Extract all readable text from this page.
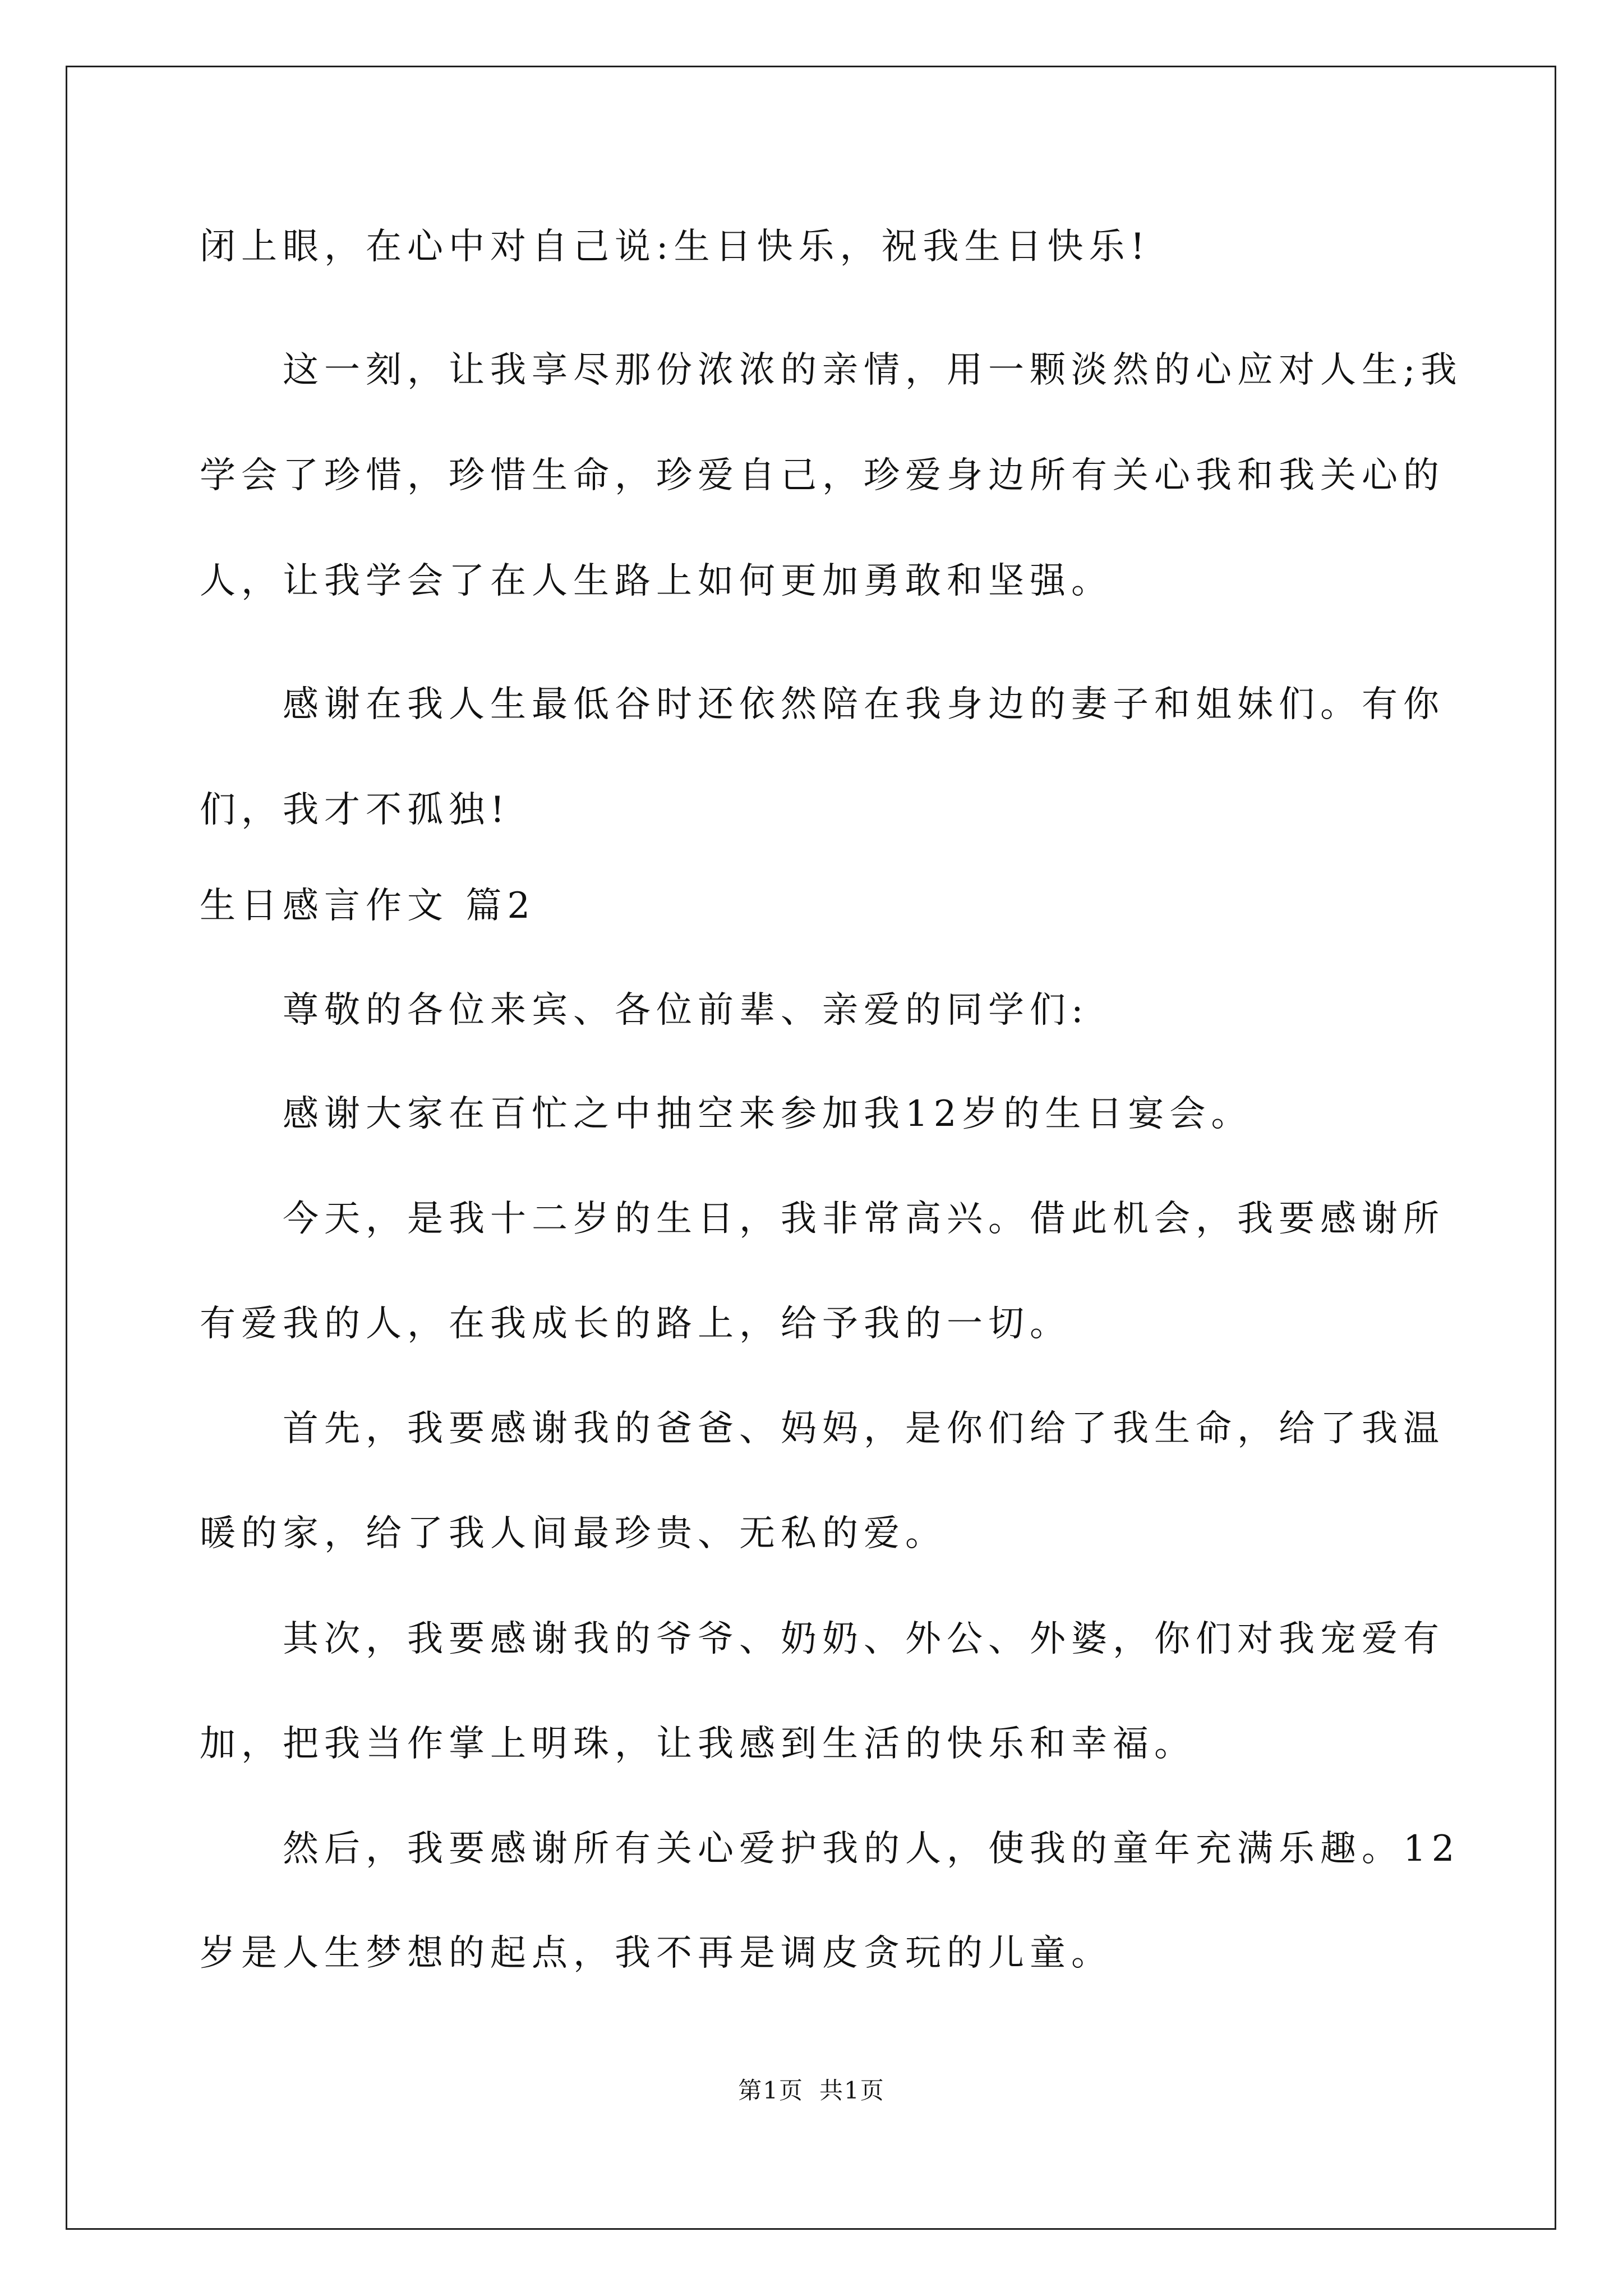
闭上眼，在心中对自己说:生日快乐，祝我生日快乐!
这一刻，让我享尽那份浓浓的亲情，用一颗淡然的心应对人生;我
学会了珍惜，珍惜生命，珍爱自己，珍爱身边所有关心我和我关心的
人，让我学会了在人生路上如何更加勇敢和坚强。
感谢在我人生最低谷时还依然陪在我身边的妻子和姐妹们。有你
们，我才不孤独!
生日感言作文 篇2
尊敬的各位来宾、各位前辈、亲爱的同学们:
感谢大家在百忙之中抽空来参加我12岁的生日宴会。
今天，是我十二岁的生日，我非常高兴。借此机会，我要感谢所
有爱我的人，在我成长的路上，给予我的一切。
首先，我要感谢我的爸爸、妈妈，是你们给了我生命，给了我温
暖的家，给了我人间最珍贵、无私的爱。
其次，我要感谢我的爷爷、奶奶、外公、外婆，你们对我宠爱有
加，把我当作掌上明珠，让我感到生活的快乐和幸福。
然后，我要感谢所有关心爱护我的人，使我的童年充满乐趣。12
岁是人生梦想的起点，我不再是调皮贪玩的儿童。
第1页 共1页
